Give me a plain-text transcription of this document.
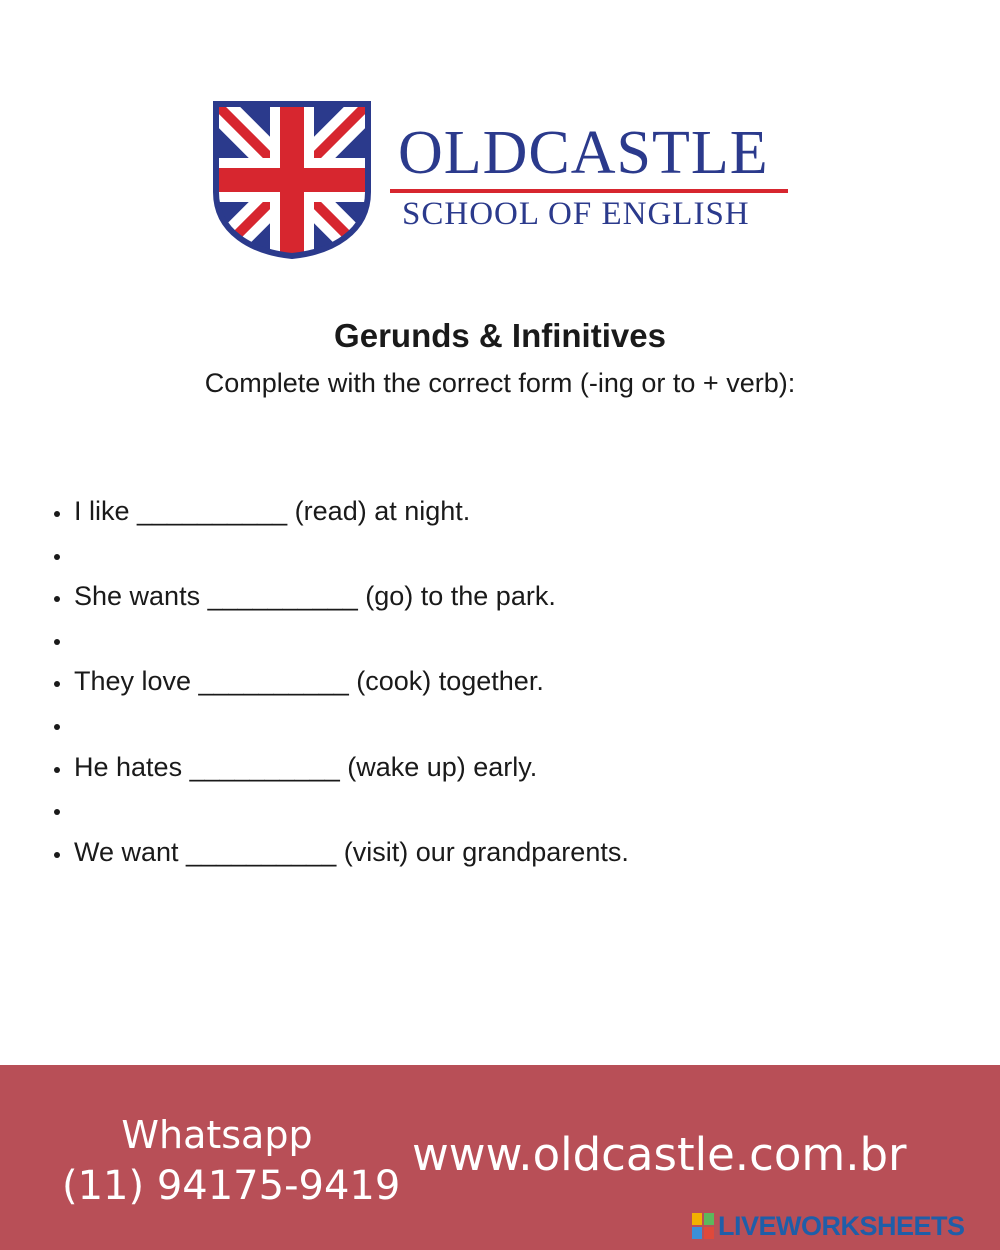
OLDCASTLE
SCHOOL OF ENGLISH
Gerunds & Infinitives
Complete with the correct form (-ing or to + verb):
I like __________ (read) at night.
She wants __________ (go) to the park.
They love __________ (cook) together.
He hates __________ (wake up) early.
We want __________ (visit) our grandparents.
Whatsapp
(11) 94175-9419
www.oldcastle.com.br
LIVEWORKSHEETS
